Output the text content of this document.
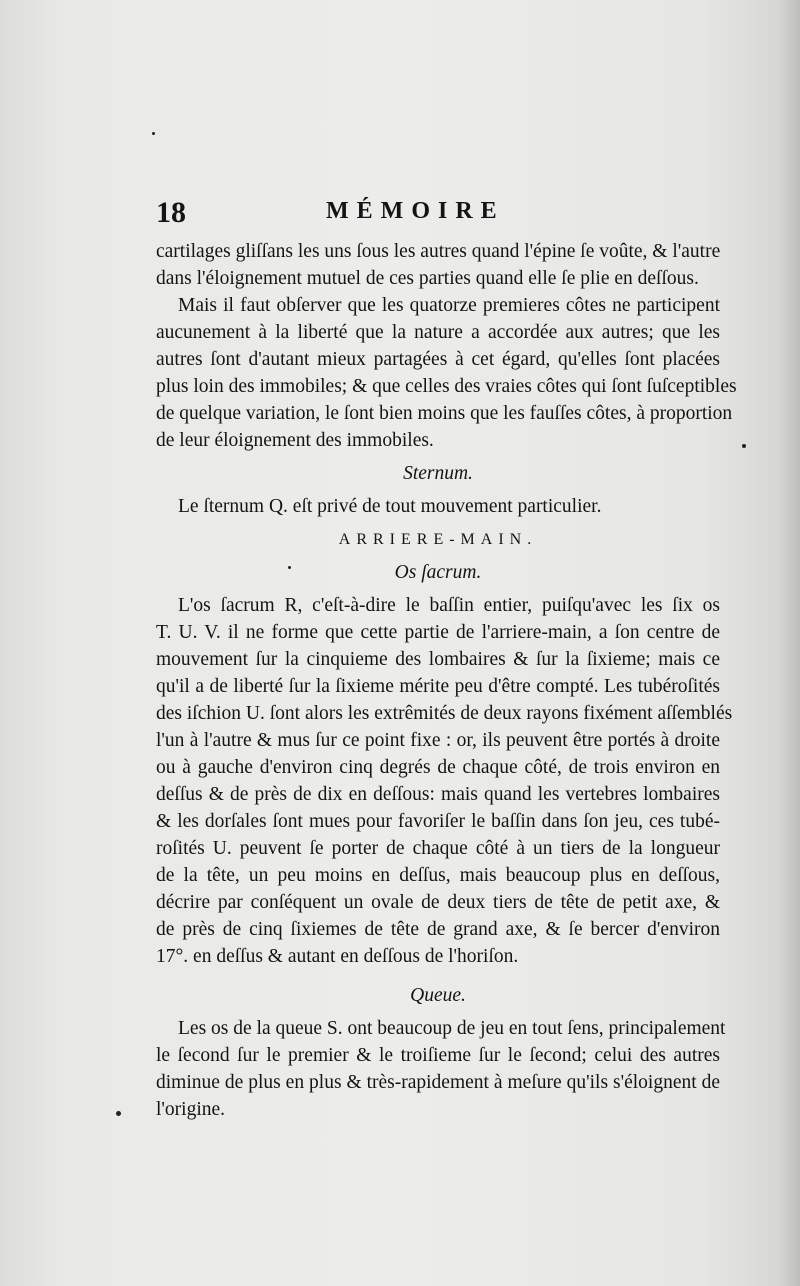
18	MÉMOIRE
cartilages gliſſans les uns ſous les autres quand l'épine ſe voûte, & l'autre
dans l'éloignement mutuel de ces parties quand elle ſe plie en deſſous.
Mais il faut obſerver que les quatorze premieres côtes ne participent
aucunement à la liberté que la nature a accordée aux autres; que les
autres ſont d'autant mieux partagées à cet égard, qu'elles ſont placées
plus loin des immobiles; & que celles des vraies côtes qui ſont ſuſceptibles
de quelque variation, le ſont bien moins que les fauſſes côtes, à proportion
de leur éloignement des immobiles.
Sternum.
Le ſternum Q. eſt privé de tout mouvement particulier.
ARRIERE-MAIN.
Os ſacrum.
L'os ſacrum R, c'eſt-à-dire le baſſin entier, puiſqu'avec les ſix os
T. U. V. il ne forme que cette partie de l'arriere-main, a ſon centre de
mouvement ſur la cinquieme des lombaires & ſur la ſixieme; mais ce
qu'il a de liberté ſur la ſixieme mérite peu d'être compté. Les tubéroſités
des iſchion U. ſont alors les extrêmités de deux rayons fixément aſſemblés
l'un à l'autre & mus ſur ce point fixe : or, ils peuvent être portés à droite
ou à gauche d'environ cinq degrés de chaque côté, de trois environ en
deſſus & de près de dix en deſſous: mais quand les vertebres lombaires
& les dorſales ſont mues pour favoriſer le baſſin dans ſon jeu, ces tubé-
roſités U. peuvent ſe porter de chaque côté à un tiers de la longueur
de la tête, un peu moins en deſſus, mais beaucoup plus en deſſous,
décrire par conſéquent un ovale de deux tiers de tête de petit axe, &
de près de cinq ſixiemes de tête de grand axe, & ſe bercer d'environ
17°. en deſſus & autant en deſſous de l'horiſon.
Queue.
Les os de la queue S. ont beaucoup de jeu en tout ſens, principalement
le ſecond ſur le premier & le troiſieme ſur le ſecond; celui des autres
diminue de plus en plus & très-rapidement à meſure qu'ils s'éloignent de
l'origine.
